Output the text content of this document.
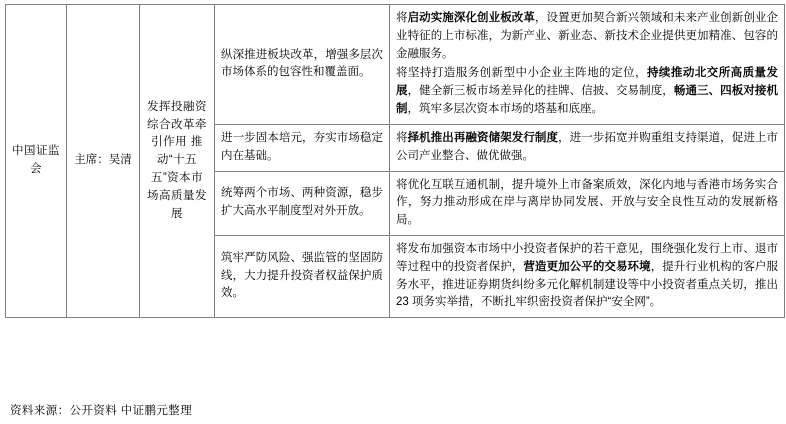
中国证监会	主席：吴清	发挥投融资综合改革牵引作用 推动“十五五”资本市场高质量发展	纵深推进板块改革，增强多层次市场体系的包容性和覆盖面。	将启动实施深化创业板改革，设置更加契合新兴领域和未来产业创新创业企业特征的上市标准，为新产业、新业态、新技术企业提供更加精准、包容的金融服务。
将坚持打造服务创新型中小企业主阵地的定位，持续推动北交所高质量发展，健全新三板市场差异化的挂牌、信披、交易制度，畅通三、四板对接机制，筑牢多层次资本市场的塔基和底座。

			进一步固本培元，夯实市场稳定内在基础。	将择机推出再融资储架发行制度，进一步拓宽并购重组支持渠道，促进上市公司产业整合、做优做强。

			统筹两个市场、两种资源，稳步扩大高水平制度型对外开放。	将优化互联互通机制，提升境外上市备案质效，深化内地与香港市场务实合作，努力推动形成在岸与离岸协同发展、开放与安全良性互动的发展新格局。

			筑牢严防风险、强监管的坚固防线，大力提升投资者权益保护质效。	将发布加强资本市场中小投资者保护的若干意见，围绕强化发行上市、退市等过程中的投资者保护，营造更加公平的交易环境，提升行业机构的客户服务水平，推进证券期货纠纷多元化解机制建设等中小投资者重点关切，推出 23 项务实举措，不断扎牢织密投资者保护“安全网”。
资料来源：公开资料 中证鹏元整理
